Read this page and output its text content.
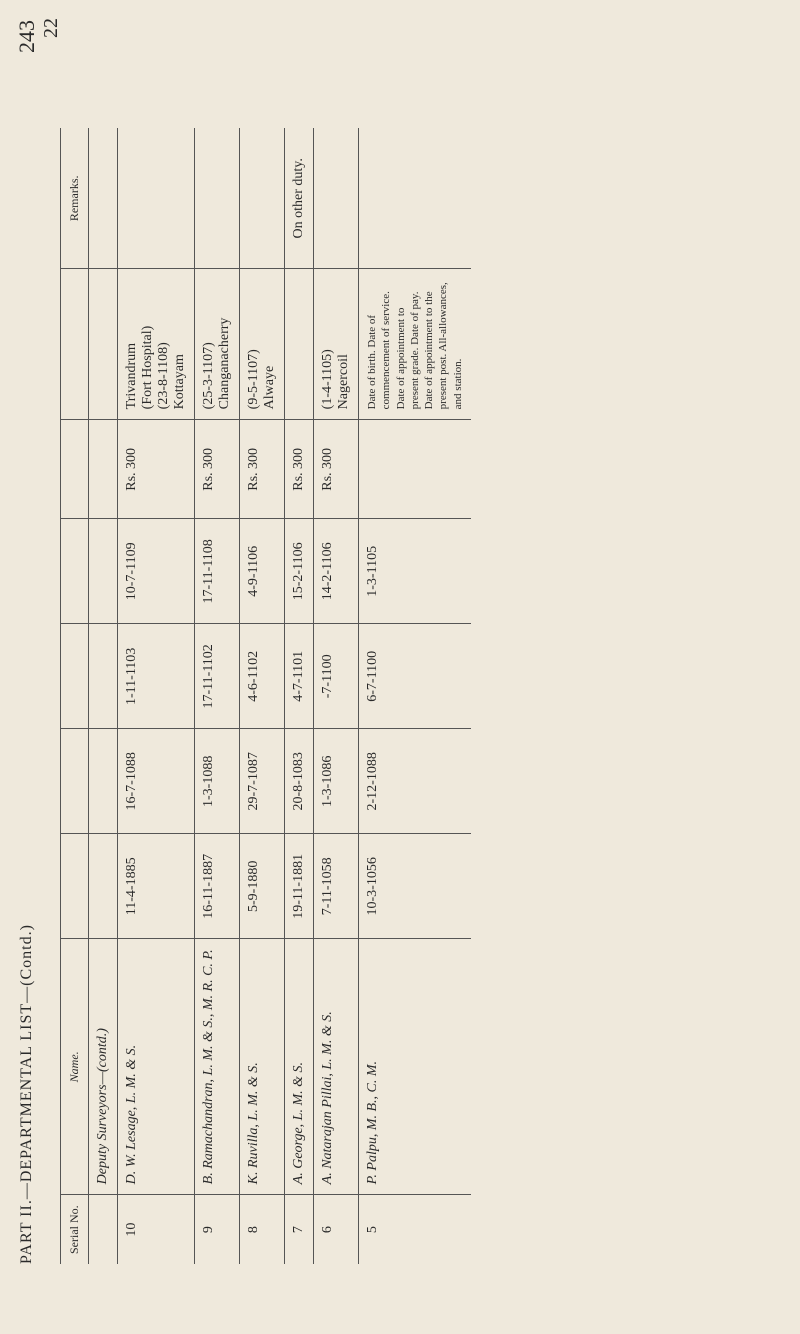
PART II.—DEPARTMENTAL LIST—(Contd.)
243 22
Serial No.	Name.							Remarks.
	Deputy Surveyors—(contd.)							
10	D. W. Lesage, L. M. & S.	11-4-1885	16-7-1088	1-11-1103	10-7-1109	Rs. 300	Trivandrum (Fort Hospital) (23-8-1108) Kottayam	

9	B. Ramachandran, L. M. & S., M. R. C. P.	16-11-1887	1-3-1088	17-11-1102	17-11-1108	Rs. 300	(25-3-1107) Changanacherry	

8	K. Ruvilla, L. M. & S.	5-9-1880	29-7-1087	4-6-1102	4-9-1106	Rs. 300	(9-5-1107) Alwaye	

7	A. George, L. M. & S.	19-11-1881	20-8-1083	4-7-1101	15-2-1106	Rs. 300		On other duty.
6	A. Natarajan Pillai, L. M. & S.	7-11-1058	1-3-1086	-7-1100	14-2-1106	Rs. 300	(1-4-1105) Nagercoil	

5	P. Palpu, M. B., C. M.	10-3-1056	2-12-1088	6-7-1100	1-3-1105		Date of birth. Date of commencement of service. Date of appointment to present grade. Date of pay. Date of appointment to the present post. All-allowances, and station.	
